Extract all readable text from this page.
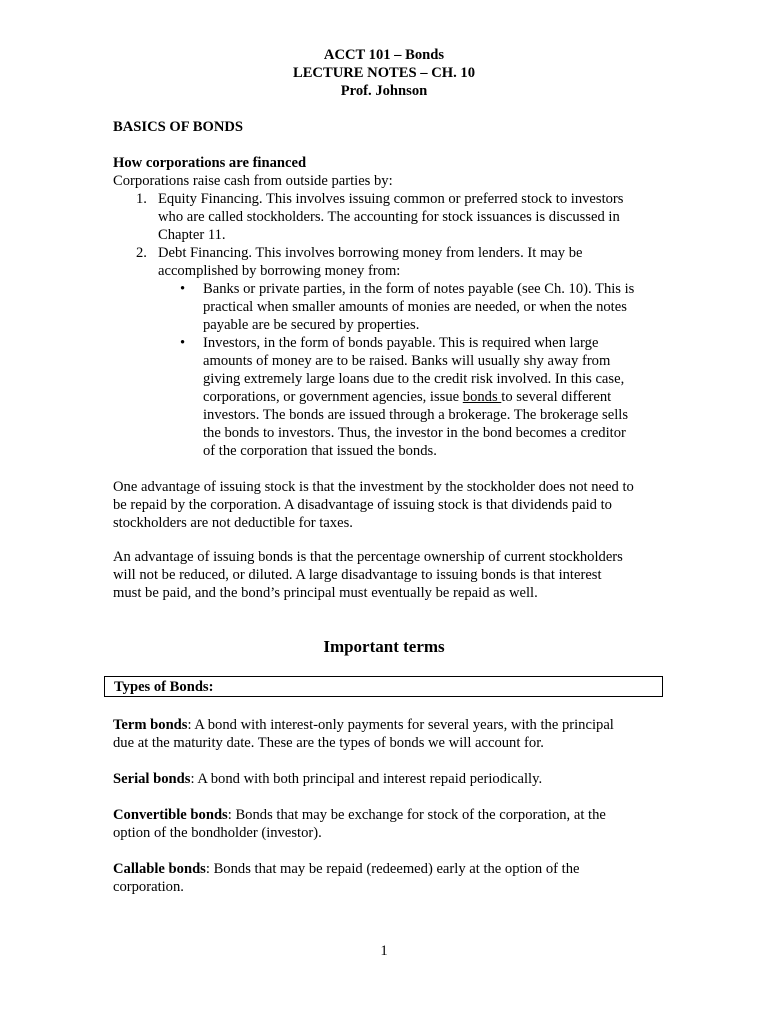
ACCT 101 – Bonds
LECTURE NOTES – CH. 10
Prof. Johnson
BASICS OF BONDS
How corporations are financed
Corporations raise cash from outside parties by:
1. Equity Financing. This involves issuing common or preferred stock to investors
who are called stockholders. The accounting for stock issuances is discussed in
Chapter 11.
2. Debt Financing. This involves borrowing money from lenders. It may be
accomplished by borrowing money from:
• Banks or private parties, in the form of notes payable (see Ch. 10). This is
practical when smaller amounts of monies are needed, or when the notes
payable are be secured by properties.
• Investors, in the form of bonds payable. This is required when large
amounts of money are to be raised. Banks will usually shy away from
giving extremely large loans due to the credit risk involved. In this case,
corporations, or government agencies, issue bonds to several different
investors. The bonds are issued through a brokerage. The brokerage sells
the bonds to investors. Thus, the investor in the bond becomes a creditor
of the corporation that issued the bonds.
One advantage of issuing stock is that the investment by the stockholder does not need to
be repaid by the corporation. A disadvantage of issuing stock is that dividends paid to
stockholders are not deductible for taxes.
An advantage of issuing bonds is that the percentage ownership of current stockholders
will not be reduced, or diluted. A large disadvantage to issuing bonds is that interest
must be paid, and the bond’s principal must eventually be repaid as well.
Important terms
Types of Bonds:
Term bonds: A bond with interest-only payments for several years, with the principal
due at the maturity date. These are the types of bonds we will account for.
Serial bonds: A bond with both principal and interest repaid periodically.
Convertible bonds: Bonds that may be exchange for stock of the corporation, at the
option of the bondholder (investor).
Callable bonds: Bonds that may be repaid (redeemed) early at the option of the
corporation.
1
